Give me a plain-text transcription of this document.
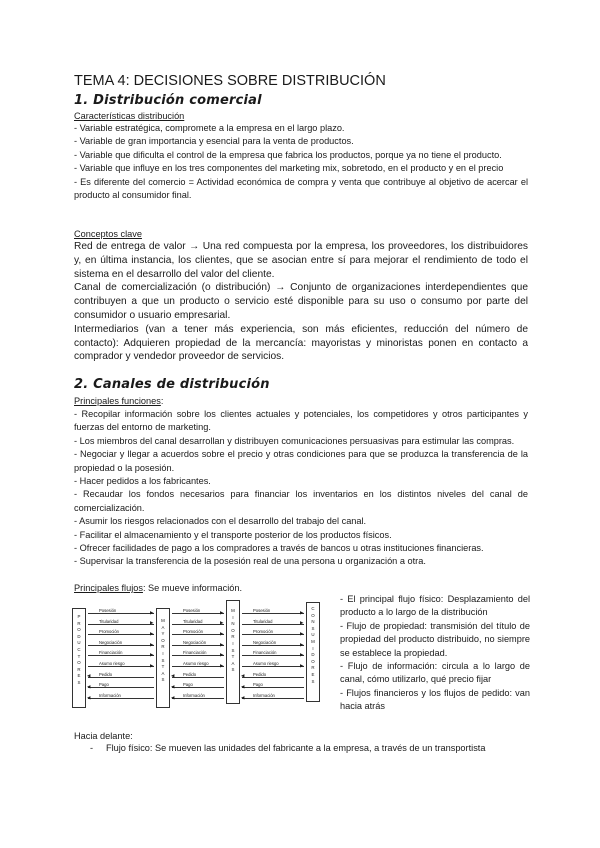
TEMA 4: DECISIONES SOBRE DISTRIBUCIÓN
1. Distribución comercial
Características distribución
- Variable estratégica, compromete a la empresa en el largo plazo.
- Variable de gran importancia y esencial para la venta de productos.
- Variable que dificulta el control de la empresa que fabrica los productos, porque ya no tiene el producto.
- Variable que influye en los tres componentes del marketing mix, sobretodo, en el producto y en el precio
- Es diferente del comercio = Actividad económica de compra y venta que contribuye al objetivo de acercar el producto al consumidor final.
Conceptos clave
Red de entrega de valor → Una red compuesta por la empresa, los proveedores, los distribuidores y, en última instancia, los clientes, que se asocian entre sí para mejorar el rendimiento de todo el sistema en el desarrollo del valor del cliente.
Canal de comercialización (o distribución) → Conjunto de organizaciones interdependientes que contribuyen a que un producto o servicio esté disponible para su uso o consumo por parte del consumidor o usuario empresarial.
Intermediarios (van a tener más experiencia, son más eficientes, reducción del número de contacto): Adquieren propiedad de la mercancía: mayoristas y minoristas ponen en contacto a comprador y vendedor proveedor de servicios.
2. Canales de distribución
Principales funciones:
- Recopilar información sobre los clientes actuales y potenciales, los competidores y otros participantes y fuerzas del entorno de marketing.
- Los miembros del canal desarrollan y distribuyen comunicaciones persuasivas para estimular las compras.
- Negociar y llegar a acuerdos sobre el precio y otras condiciones para que se produzca la transferencia de la propiedad o la posesión.
- Hacer pedidos a los fabricantes.
- Recaudar los fondos necesarios para financiar los inventarios en los distintos niveles del canal de comercialización.
- Asumir los riesgos relacionados con el desarrollo del trabajo del canal.
- Facilitar el almacenamiento y el transporte posterior de los productos físicos.
- Ofrecer facilidades de pago a los compradores a través de bancos u otras instituciones financieras.
- Supervisar la transferencia de la posesión real de una persona u organización a otra.
Principales flujos: Se mueve información.
P
R
O
D
U
C
T
O
R
E
S
M
A
Y
O
R
I
S
T
A
S
M
I
N
O
R
I
S
T
A
S
C
O
N
S
U
M
I
D
O
R
E
S
▶
Posesión
▶
Titularidad
▶
Promoción
▶
Negociación
▶
Financiación
▶
Asumo riesgo
◀ Pedido
◀ Pago
◀ Información
▶
Posesión
▶
Titularidad
▶
Promoción
▶
Negociación
▶
Financiación
▶
Asumo riesgo
◀ Pedido
◀ Pago
◀ Información
▶
Posesión
▶
Titularidad
▶
Promoción
▶
Negociación
▶
Financiación
▶
Asumo riesgo
◀ Pedido
◀ Pago
◀ Información
- El principal flujo físico: Desplazamiento del producto a lo largo de la distribución
- Flujo de propiedad: transmisión del título de propiedad del producto distribuido, no siempre se establece la propiedad.
- Flujo de información: circula a lo largo de canal, cómo utilizarlo, qué precio fijar
- Flujos financieros y los flujos de pedido: van hacia atrás
Hacia delante:
- Flujo físico: Se mueven las unidades del fabricante a la empresa, a través de un transportista
